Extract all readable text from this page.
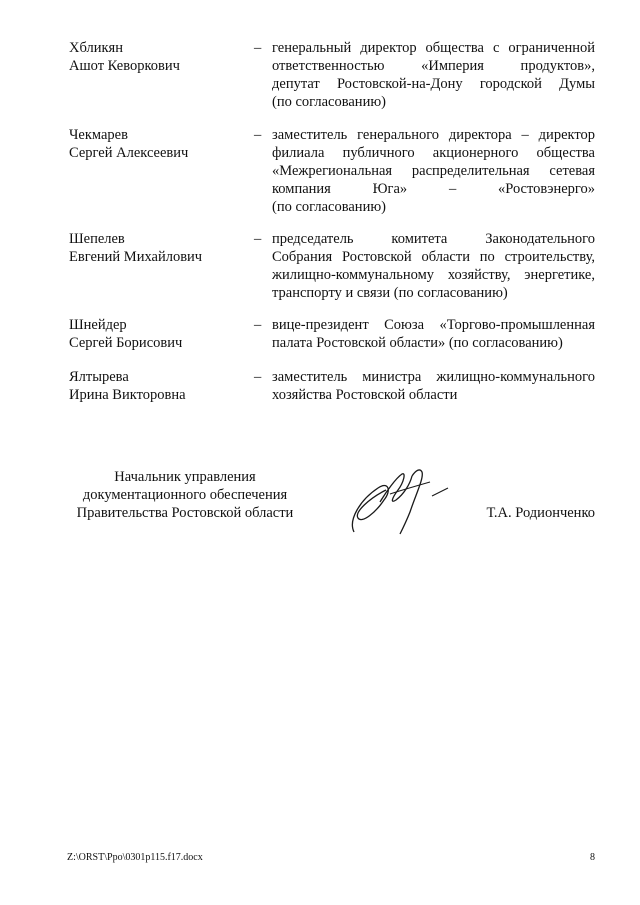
Хбликян
Ашот Кеворкович
– генеральный директор общества с ограниченной
ответственностью «Империя продуктов»,
депутат Ростовской-на-Дону городской Думы
(по согласованию)
Чекмарев
Сергей Алексеевич
– заместитель генерального директора – директор
филиала публичного акционерного общества
«Межрегиональная распределительная сетевая
компания Юга» – «Ростовэнерго»
(по согласованию)
Шепелев
Евгений Михайлович
– председатель комитета Законодательного
Собрания Ростовской области по строительству,
жилищно-коммунальному хозяйству, энергетике,
транспорту и связи (по согласованию)
Шнейдер
Сергей Борисович
– вице-президент Союза «Торгово-промышленная
палата Ростовской области» (по согласованию)
Ялтырева
Ирина Викторовна
– заместитель министра жилищно-коммунального
хозяйства Ростовской области
Начальник управления
документационного обеспечения
Правительства Ростовской области	Т.А. Родионченко
Z:\ORST\Ppo\0301p115.f17.docx	8
